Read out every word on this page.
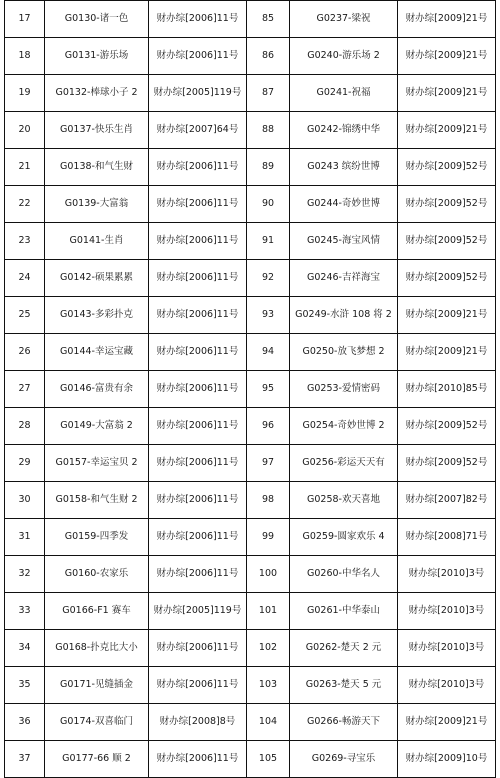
17	G0130-诸一色	财办综[2006]11号	85	G0237-梁祝	财办综[2009]21号
18	G0131-游乐场	财办综[2006]11号	86	G0240-游乐场 2	财办综[2009]21号
19	G0132-棒球小子 2	财办综[2005]119号	87	G0241-祝福	财办综[2009]21号
20	G0137-快乐生肖	财办综[2007]64号	88	G0242-锦绣中华	财办综[2009]21号
21	G0138-和气生财	财办综[2006]11号	89	G0243 缤纷世博	财办综[2009]52号
22	G0139-大富翁	财办综[2006]11号	90	G0244-奇妙世博	财办综[2009]52号
23	G0141-生肖	财办综[2006]11号	91	G0245-海宝风情	财办综[2009]52号
24	G0142-硕果累累	财办综[2006]11号	92	G0246-吉祥海宝	财办综[2009]52号
25	G0143-多彩扑克	财办综[2006]11号	93	G0249-水浒 108 将 2	财办综[2009]21号
26	G0144-幸运宝藏	财办综[2006]11号	94	G0250-放飞梦想 2	财办综[2009]21号
27	G0146-富贵有余	财办综[2006]11号	95	G0253-爱情密码	财办综[2010]85号
28	G0149-大富翁 2	财办综[2006]11号	96	G0254-奇妙世博 2	财办综[2009]52号
29	G0157-幸运宝贝 2	财办综[2006]11号	97	G0256-彩运天天有	财办综[2009]52号
30	G0158-和气生财 2	财办综[2006]11号	98	G0258-欢天喜地	财办综[2007]82号
31	G0159-四季发	财办综[2006]11号	99	G0259-圆家欢乐 4	财办综[2008]71号
32	G0160-农家乐	财办综[2006]11号	100	G0260-中华名人	财办综[2010]3号
33	G0166-F1 赛车	财办综[2005]119号	101	G0261-中华泰山	财办综[2010]3号
34	G0168-扑克比大小	财办综[2006]11号	102	G0262-楚天 2 元	财办综[2010]3号
35	G0171-见缝插金	财办综[2006]11号	103	G0263-楚天 5 元	财办综[2010]3号
36	G0174-双喜临门	财办综[2008]8号	104	G0266-畅游天下	财办综[2009]21号
37	G0177-66 顺 2	财办综[2006]11号	105	G0269-寻宝乐	财办综[2009]10号
